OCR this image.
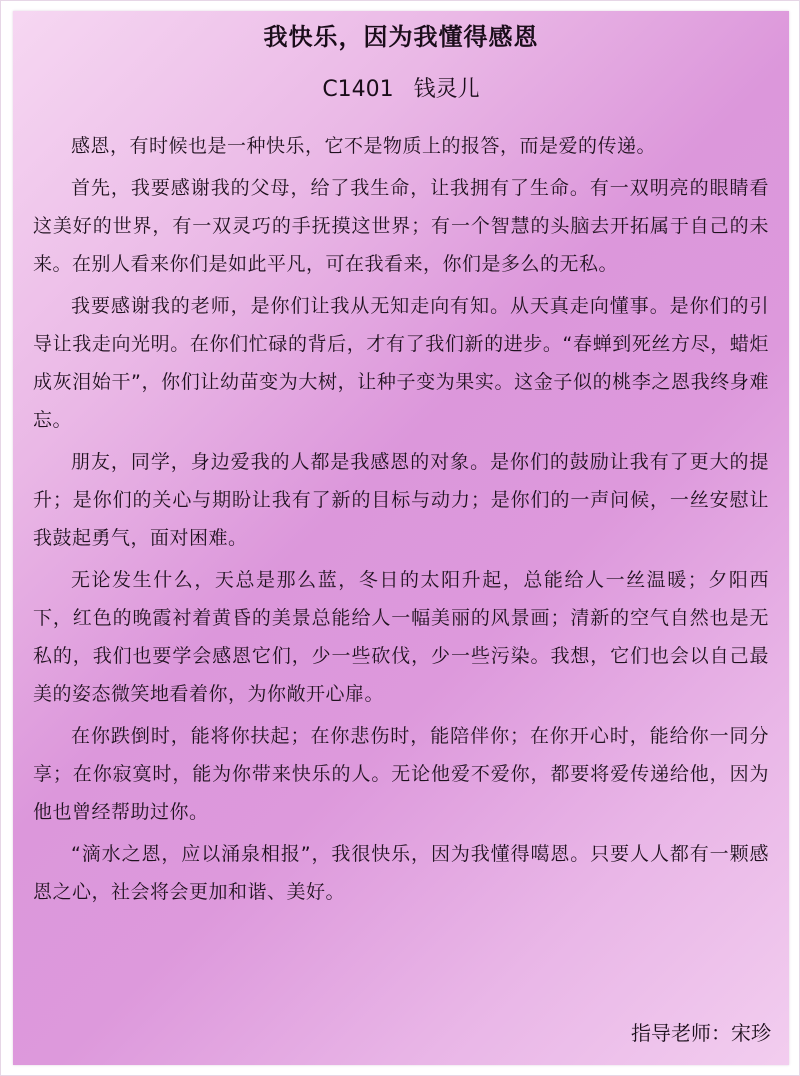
我快乐，因为我懂得感恩
C1401 钱灵儿

感恩，有时候也是一种快乐，它不是物质上的报答，而是爱的传递。

首先，我要感谢我的父母，给了我生命，让我拥有了生命。有一双明亮的眼睛看这美好的世界，有一双灵巧的手抚摸这世界；有一个智慧的头脑去开拓属于自己的未来。在别人看来你们是如此平凡，可在我看来，你们是多么的无私。

我要感谢我的老师，是你们让我从无知走向有知。从天真走向懂事。是你们的引导让我走向光明。在你们忙碌的背后，才有了我们新的进步。“春蝉到死丝方尽，蜡炬成灰泪始干”，你们让幼苗变为大树，让种子变为果实。这金子似的桃李之恩我终身难忘。

朋友，同学，身边爱我的人都是我感恩的对象。是你们的鼓励让我有了更大的提升；是你们的关心与期盼让我有了新的目标与动力；是你们的一声问候，一丝安慰让我鼓起勇气，面对困难。

无论发生什么，天总是那么蓝，冬日的太阳升起，总能给人一丝温暖；夕阳西下，红色的晚霞衬着黄昏的美景总能给人一幅美丽的风景画；清新的空气自然也是无私的，我们也要学会感恩它们，少一些砍伐，少一些污染。我想，它们也会以自己最美的姿态微笑地看着你，为你敞开心扉。

在你跌倒时，能将你扶起；在你悲伤时，能陪伴你；在你开心时，能给你一同分享；在你寂寞时，能为你带来快乐的人。无论他爱不爱你，都要将爱传递给他，因为他也曾经帮助过你。

“滴水之恩，应以涌泉相报”，我很快乐，因为我懂得噶恩。只要人人都有一颗感恩之心，社会将会更加和谐、美好。

指导老师：宋珍
